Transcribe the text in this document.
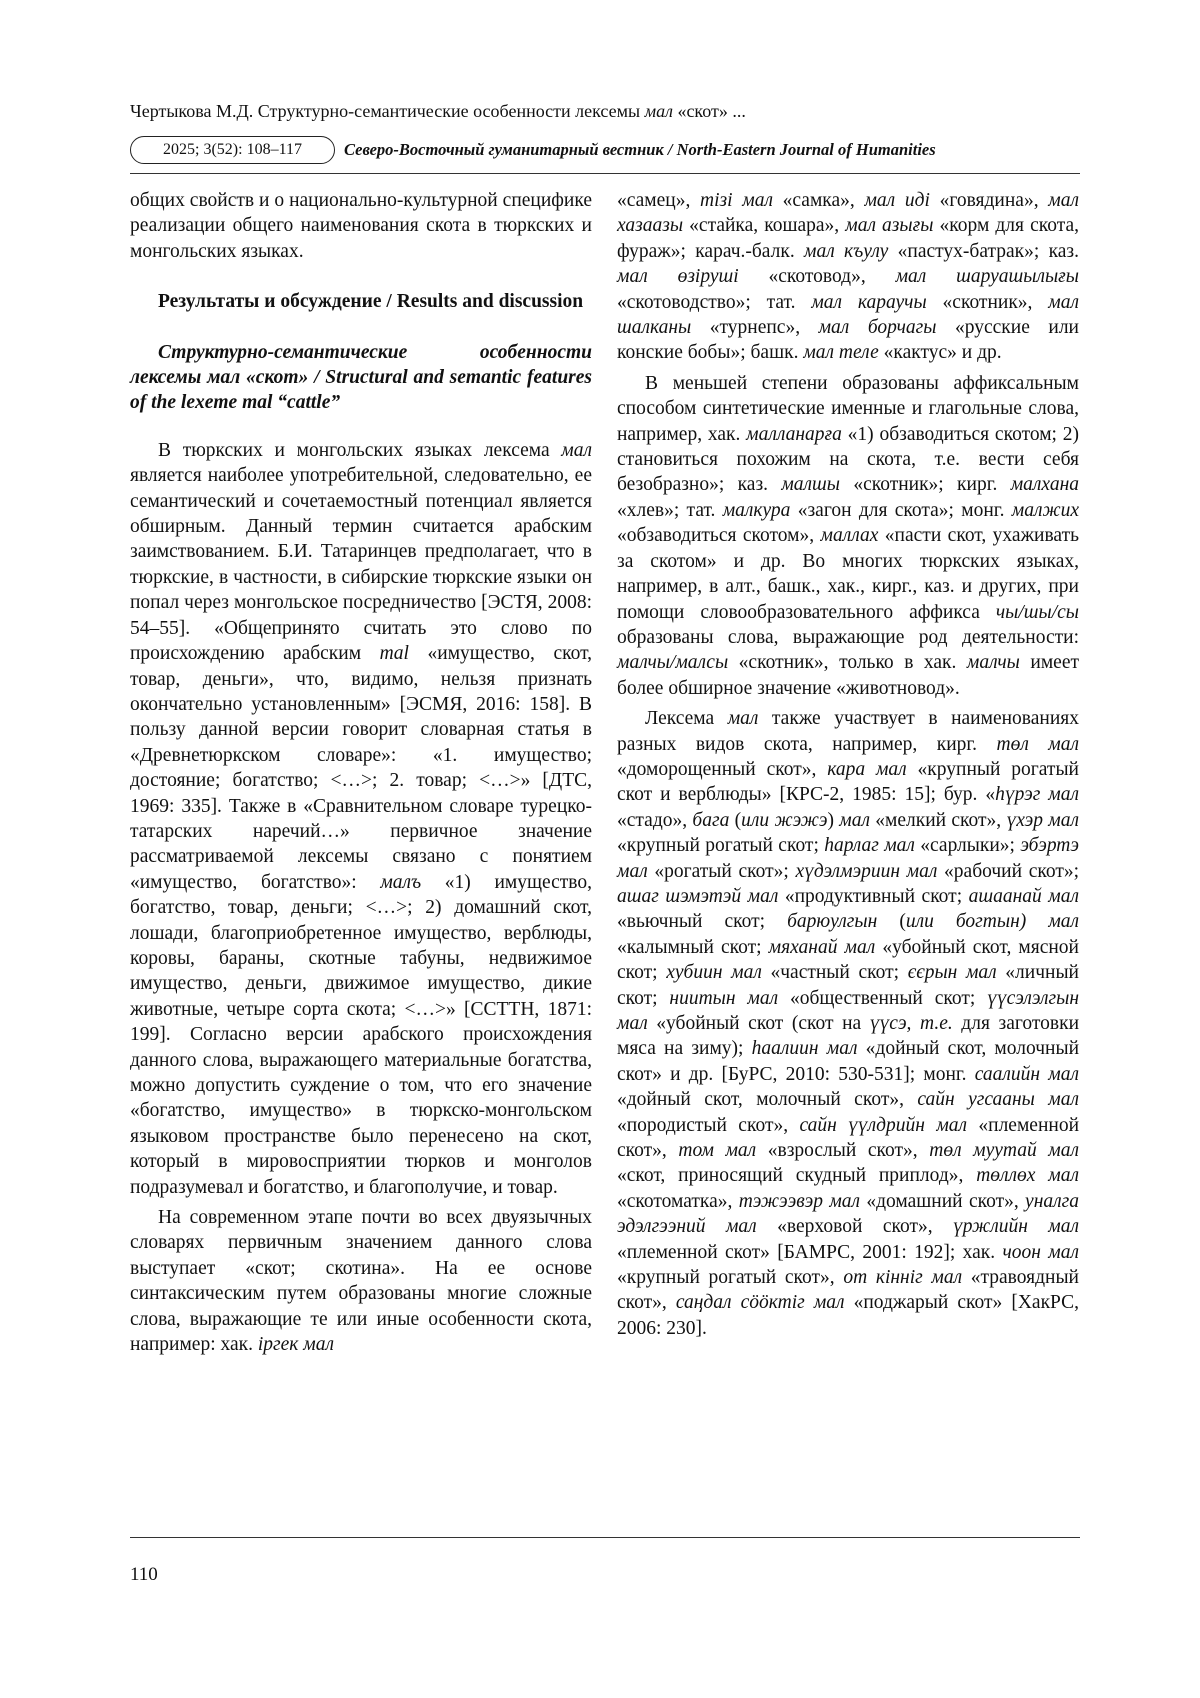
Чертыкова М.Д. Структурно-семантические особенности лексемы мал «скот» ...
2025; 3(52): 108–117	Северо-Восточный гуманитарный вестник / North-Eastern Journal of Humanities

общих свойств и о национально-культурной специфике реализации общего наименования скота в тюркских и монгольских языках.

Результаты и обсуждение / Results and discussion

Структурно-семантические особенности лексемы мал «скот» / Structural and semantic features of the lexeme mal “cattle”

В тюркских и монгольских языках лексема мал является наиболее употребительной, следовательно, ее семантический и сочетаемостный потенциал является обширным. Данный термин считается арабским заимствованием. Б.И. Татаринцев предполагает, что в тюркские, в частности, в сибирские тюркские языки он попал через монгольское посредничество [ЭСТЯ, 2008: 54–55]. «Общепринято считать это слово по происхождению арабским mal «имущество, скот, товар, деньги», что, видимо, нельзя признать окончательно установленным» [ЭСМЯ, 2016: 158]. В пользу данной версии говорит словарная статья в «Древнетюркском словаре»: «1. имущество; достояние; богатство; <…>; 2. товар; <…>» [ДТС, 1969: 335]. Также в «Сравнительном словаре турецко-татарских наречий…» первичное значение рассматриваемой лексемы связано с понятием «имущество, богатство»: малъ «1) имущество, богатство, товар, деньги; <…>; 2) домашний скот, лошади, благоприобретенное имущество, верблюды, коровы, бараны, скотные табуны, недвижимое имущество, деньги, движимое имущество, дикие животные, четыре сорта скота; <…>» [ССТТН, 1871: 199]. Согласно версии арабского происхождения данного слова, выражающего материальные богатства, можно допустить суждение о том, что его значение «богатство, имущество» в тюркско-монгольском языковом пространстве было перенесено на скот, который в мировосприятии тюрков и монголов подразумевал и богатство, и благополучие, и товар.

На современном этапе почти во всех двуязычных словарях первичным значением данного слова выступает «скот; скотина». На ее основе синтаксическим путем образованы многие сложные слова, выражающие те или иные особенности скота, например: хак. іргек мал

«самец», тізі мал «самка», мал иді «говядина», мал хазаазы «стайка, кошара», мал азығы «корм для скота, фураж»; карач.-балк. мал къулу «пастух-батрак»; каз. мал өзіруші «скотовод», мал шаруашылығы «скотоводство»; тат. мал караучы «скотник», мал шалканы «турнепс», мал борчагы «русские или конские бобы»; башк. мал теле «кактус» и др.

В меньшей степени образованы аффиксальным способом синтетические именные и глагольные слова, например, хак. малланарға «1) обзаводиться скотом; 2) становиться похожим на скота, т.е. вести себя безобразно»; каз. малшы «скотник»; кирг. малхана «хлев»; тат. малкура «загон для скота»; монг. малжих «обзаводиться скотом», маллах «пасти скот, ухаживать за скотом» и др. Во многих тюркских языках, например, в алт., башк., хак., кирг., каз. и других, при помощи словообразовательного аффикса чы/шы/сы образованы слова, выражающие род деятельности: малчы/малсы «скотник», только в хак. малчы имеет более обширное значение «животновод».

Лексема мал также участвует в наименованиях разных видов скота, например, кирг. төл мал «доморощенный скот», кара мал «крупный рогатый скот и верблюды» [КРС-2, 1985: 15]; бур. «һүрэг мал «стадо», бага (или жэжэ) мал «мелкий скот», үхэр мал «крупный рогатый скот; һарлаг мал «сарлыки»; эбэртэ мал «рогатый скот»; хүдэлмэриин мал «рабочий скот»; ашаг шэмэтэй мал «продуктивный скот; ашаанай мал «вьючный скот; барюулгын (или богтын) мал «калымный скот; мяханай мал «убойный скот, мясной скот; хубиин мал «частный скот; єєрын мал «личный скот; ниитын мал «общественный скот; үүсэлэлгын мал «убойный скот (скот на үүсэ, т.е. для заготовки мяса на зиму); һаалиин мал «дойный скот, молочный скот» и др. [БуРС, 2010: 530-531]; монг. саалийн мал «дойный скот, молочный скот», сайн угсааны мал «породистый скот», сайн үүлдрийн мал «племенной скот», том мал «взрослый скот», төл муутай мал «скот, приносящий скудный приплод», төллөх мал «скотоматка», тэжээвэр мал «домашний скот», уналга эдэлгээний мал «верховой скот», үржлийн мал «племенной скот» [БАМРС, 2001: 192]; хак. чоон мал «крупный рогатый скот», от кінніг мал «травоядный скот», саңдал сööктіг мал «поджарый скот» [ХакРС, 2006: 230].

110
